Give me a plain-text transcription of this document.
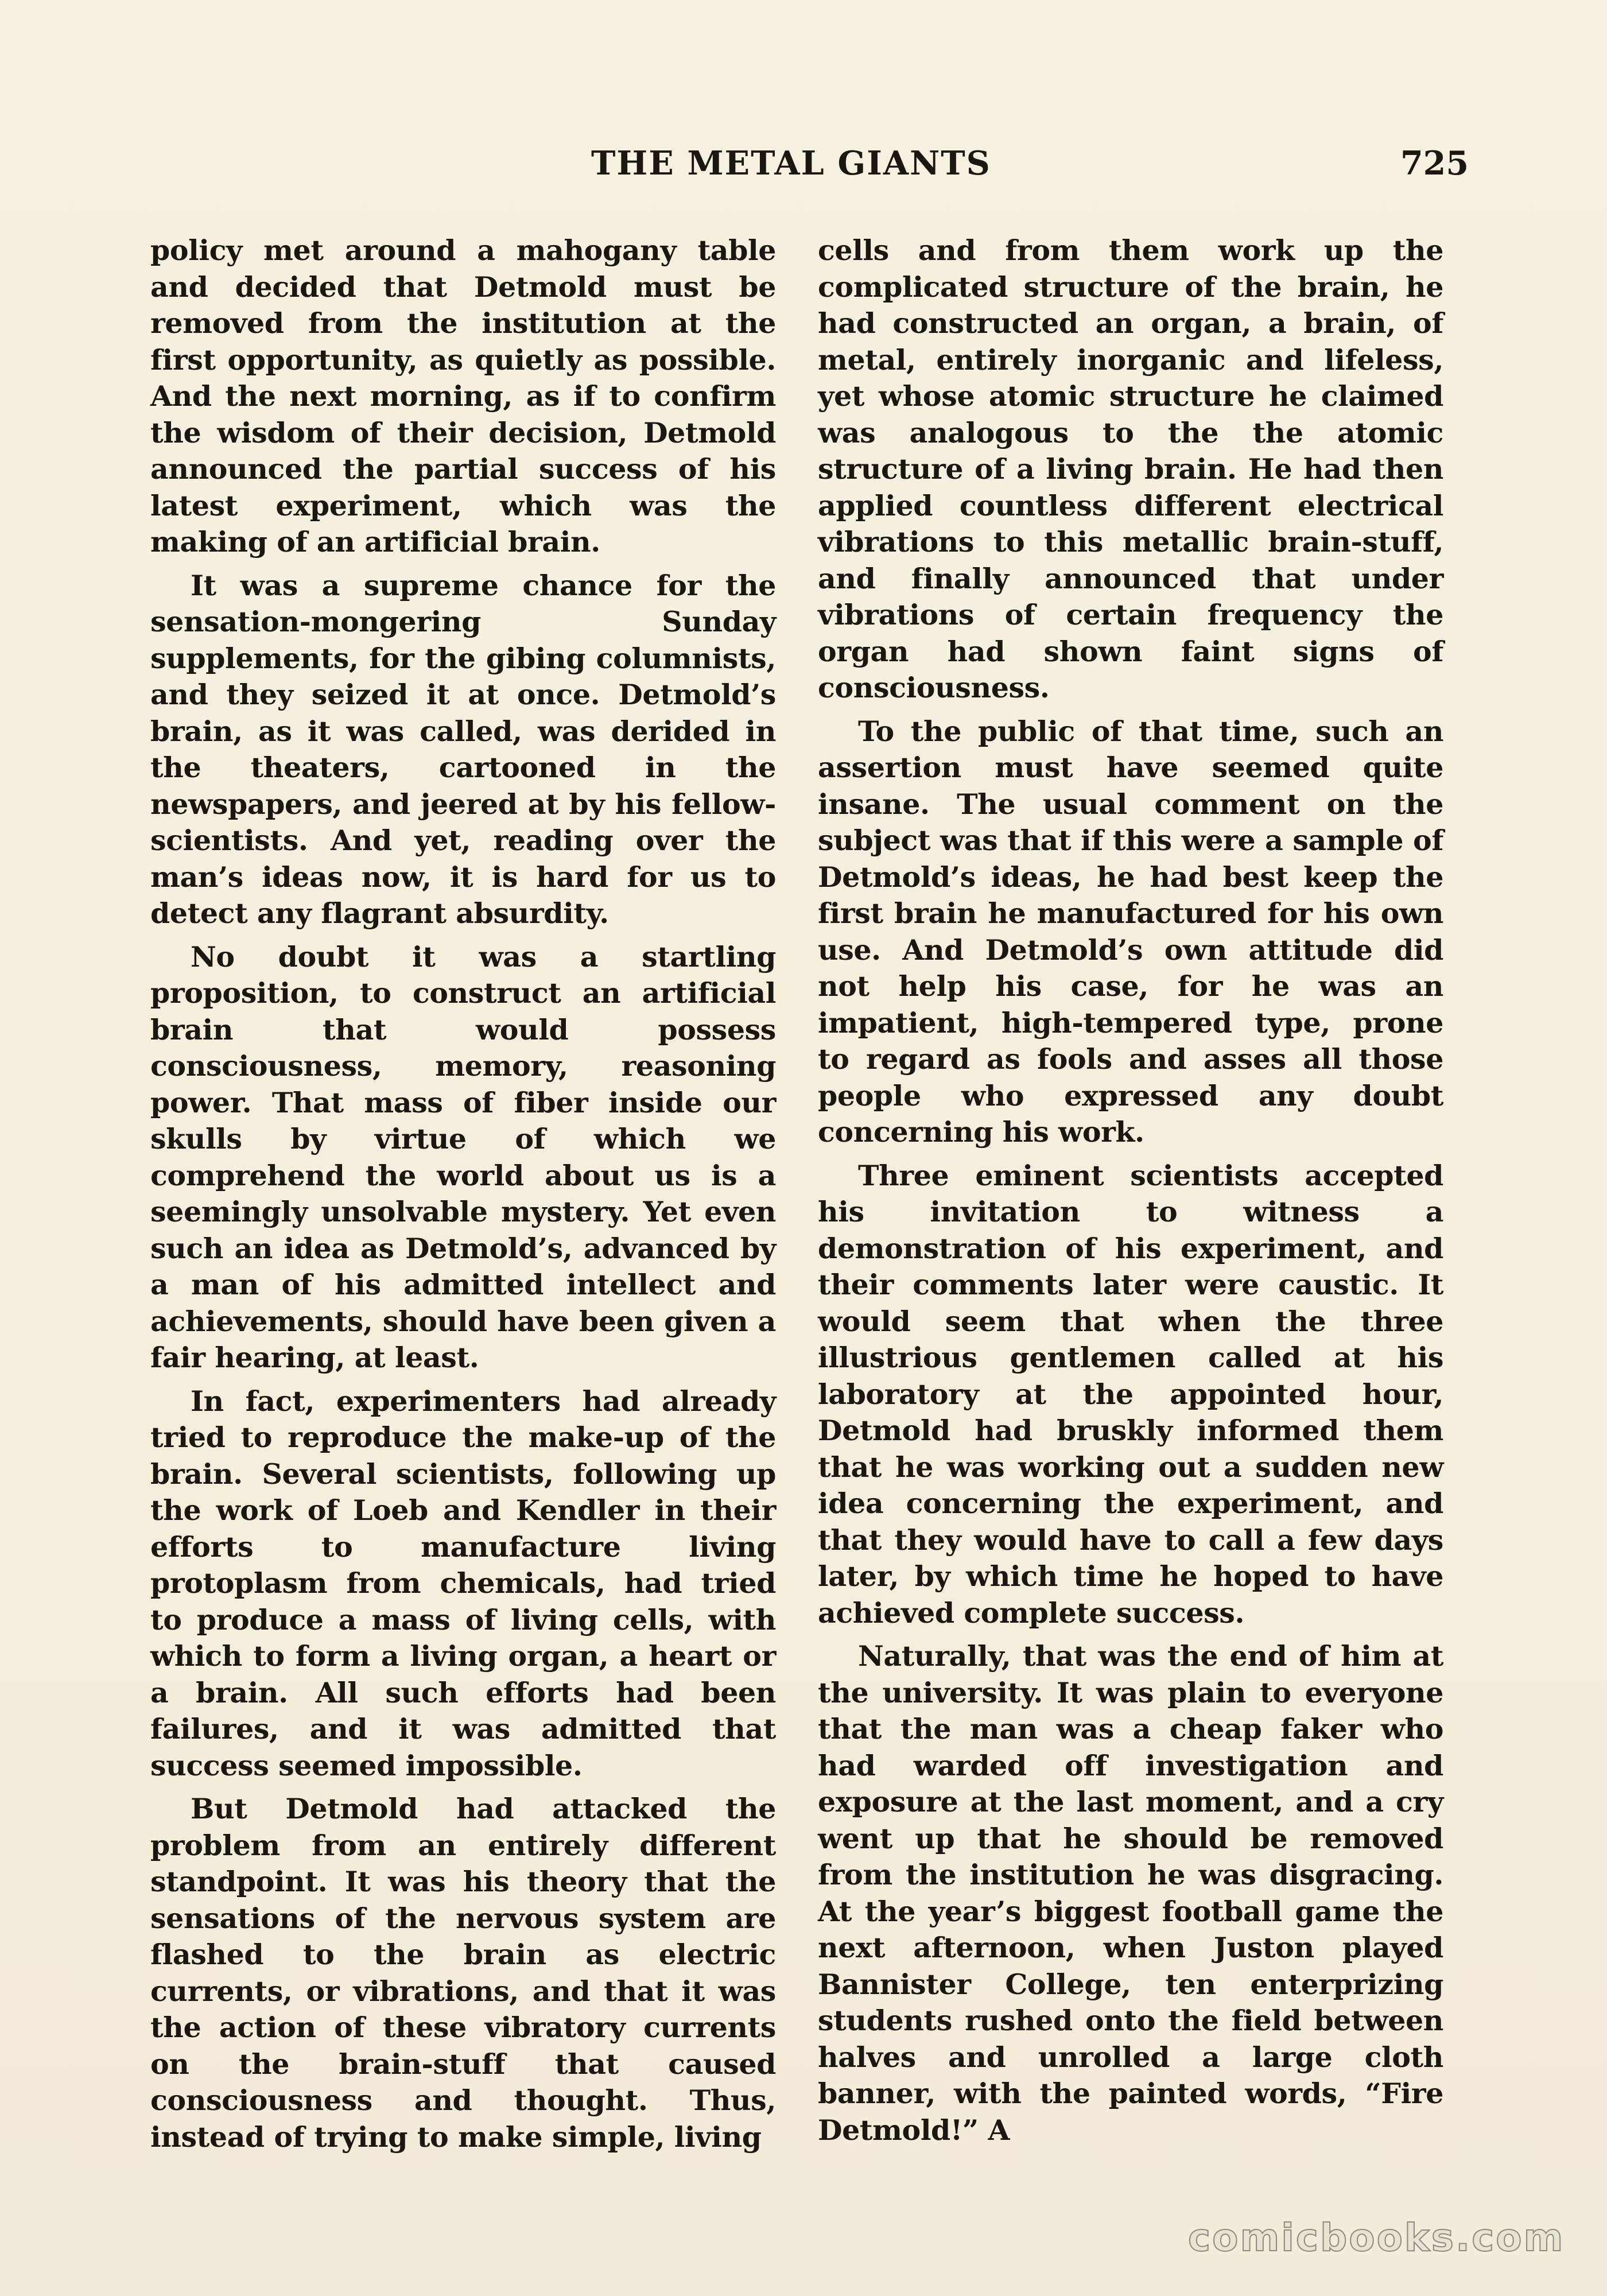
THE METAL GIANTS	725

policy met around a mahogany table and decided that Detmold must be removed from the institution at the first opportunity, as quietly as possible. And the next morning, as if to confirm the wisdom of their decision, Detmold announced the partial success of his latest experiment, which was the making of an artificial brain.

It was a supreme chance for the sensation-mongering Sunday supplements, for the gibing columnists, and they seized it at once. Detmold’s brain, as it was called, was derided in the theaters, cartooned in the newspapers, and jeered at by his fellow-scientists. And yet, reading over the man’s ideas now, it is hard for us to detect any flagrant absurdity.

No doubt it was a startling proposition, to construct an artificial brain that would possess consciousness, memory, reasoning power. That mass of fiber inside our skulls by virtue of which we comprehend the world about us is a seemingly unsolvable mystery. Yet even such an idea as Detmold’s, advanced by a man of his admitted intellect and achievements, should have been given a fair hearing, at least.

In fact, experimenters had already tried to reproduce the make-up of the brain. Several scientists, following up the work of Loeb and Kendler in their efforts to manufacture living protoplasm from chemicals, had tried to produce a mass of living cells, with which to form a living organ, a heart or a brain. All such efforts had been failures, and it was admitted that success seemed impossible.

But Detmold had attacked the problem from an entirely different standpoint. It was his theory that the sensations of the nervous system are flashed to the brain as electric currents, or vibrations, and that it was the action of these vibratory currents on the brain-stuff that caused consciousness and thought. Thus, instead of trying to make simple, living

cells and from them work up the complicated structure of the brain, he had constructed an organ, a brain, of metal, entirely inorganic and lifeless, yet whose atomic structure he claimed was analogous to the the atomic structure of a living brain. He had then applied countless different electrical vibrations to this metallic brain-stuff, and finally announced that under vibrations of certain frequency the organ had shown faint signs of consciousness.

To the public of that time, such an assertion must have seemed quite insane. The usual comment on the subject was that if this were a sample of Detmold’s ideas, he had best keep the first brain he manufactured for his own use. And Detmold’s own attitude did not help his case, for he was an impatient, high-tempered type, prone to regard as fools and asses all those people who expressed any doubt concerning his work.

Three eminent scientists accepted his invitation to witness a demonstration of his experiment, and their comments later were caustic. It would seem that when the three illustrious gentlemen called at his laboratory at the appointed hour, Detmold had bruskly informed them that he was working out a sudden new idea concerning the experiment, and that they would have to call a few days later, by which time he hoped to have achieved complete success.

Naturally, that was the end of him at the university. It was plain to everyone that the man was a cheap faker who had warded off investigation and exposure at the last moment, and a cry went up that he should be removed from the institution he was disgracing. At the year’s biggest football game the next afternoon, when Juston played Bannister College, ten enterprizing students rushed onto the field between halves and unrolled a large cloth banner, with the painted words, “Fire Detmold!” A

comicbooks.com
